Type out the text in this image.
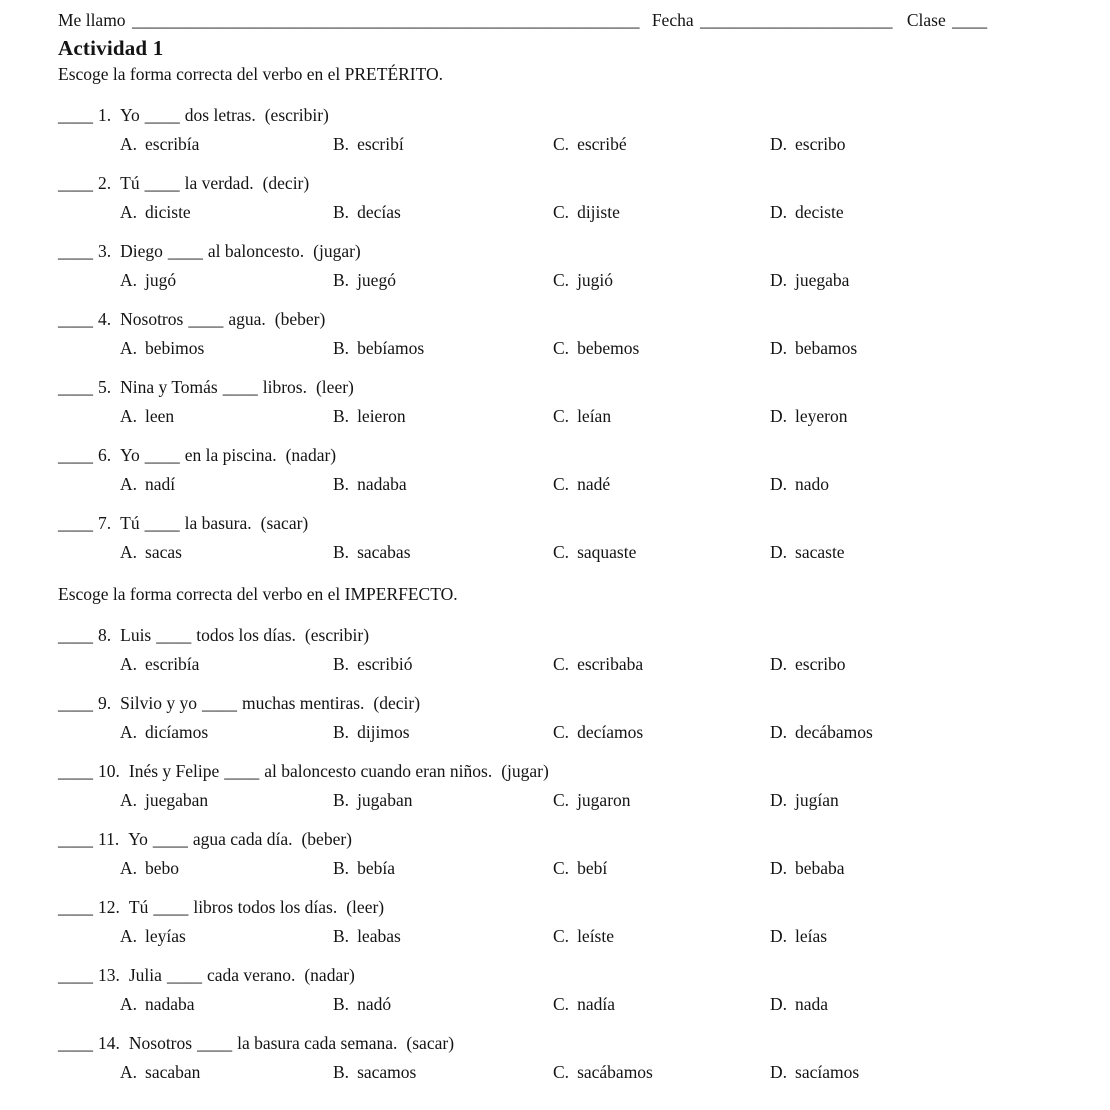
Me llamo __________________________________________________________ Fecha ______________________ Clase ____
Actividad 1

Escoge la forma correcta del verbo en el PRETÉRITO.

____ 1. Yo ____ dos letras. (escribir)
A. escribía	B. escribí	C. escribé	D. escribo
____ 2. Tú ____ la verdad. (decir)
A. diciste	B. decías	C. dijiste	D. deciste
____ 3. Diego ____ al baloncesto. (jugar)
A. jugó	B. juegó	C. jugió	D. juegaba
____ 4. Nosotros ____ agua. (beber)
A. bebimos	B. bebíamos	C. bebemos	D. bebamos
____ 5. Nina y Tomás ____ libros. (leer)
A. leen	B. leieron	C. leían	D. leyeron
____ 6. Yo ____ en la piscina. (nadar)
A. nadí	B. nadaba	C. nadé	D. nado
____ 7. Tú ____ la basura. (sacar)
A. sacas	B. sacabas	C. saquaste	D. sacaste

Escoge la forma correcta del verbo en el IMPERFECTO.

____ 8. Luis ____ todos los días. (escribir)
A. escribía	B. escribió	C. escribaba	D. escribo
____ 9. Silvio y yo ____ muchas mentiras. (decir)
A. dicíamos	B. dijimos	C. decíamos	D. decábamos
____ 10. Inés y Felipe ____ al baloncesto cuando eran niños. (jugar)
A. juegaban	B. jugaban	C. jugaron	D. jugían
____ 11. Yo ____ agua cada día. (beber)
A. bebo	B. bebía	C. bebí	D. bebaba
____ 12. Tú ____ libros todos los días. (leer)
A. leyías	B. leabas	C. leíste	D. leías
____ 13. Julia ____ cada verano. (nadar)
A. nadaba	B. nadó	C. nadía	D. nada
____ 14. Nosotros ____ la basura cada semana. (sacar)
A. sacaban	B. sacamos	C. sacábamos	D. sacíamos
